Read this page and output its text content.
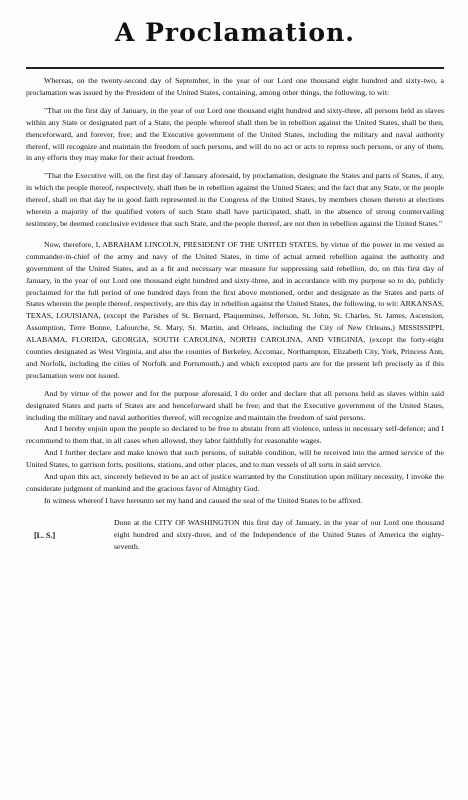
A Proclamation.

Whereas, on the twenty-second day of September, in the year of our Lord one thousand eight hundred and sixty-two, a proclamation was issued by the President of the United States, containing, among other things, the following, to wit:

"That on the first day of January, in the year of our Lord one thousand eight hundred and sixty-three, all persons held as slaves within any State or designated part of a State, the people whereof shall then be in rebellion against the United States, shall be then, thenceforward, and forever, free; and the Executive government of the United States, including the military and naval authority thereof, will recognize and maintain the freedom of such persons, and will do no act or acts to repress such persons, or any of them, in any efforts they may make for their actual freedom.

"That the Executive will, on the first day of January aforesaid, by proclamation, designate the States and parts of States, if any, in which the people thereof, respectively, shall then be in rebellion against the United States; and the fact that any State, or the people thereof, shall on that day be in good faith represented in the Congress of the United States, by members chosen thereto at elections wherein a majority of the qualified voters of such State shall have participated, shall, in the absence of strong countervailing testimony, be deemed conclusive evidence that such State, and the people thereof, are not then in rebellion against the United States."

Now, therefore, I, ABRAHAM LINCOLN, PRESIDENT OF THE UNITED STATES, by virtue of the power in me vested as commander-in-chief of the army and navy of the United States, in time of actual armed rebellion against the authority and government of the United States, and as a fit and necessary war measure for suppressing said rebellion, do, on this first day of January, in the year of our Lord one thousand eight hundred and sixty-three, and in accordance with my purpose so to do, publicly proclaimed for the full period of one hundred days from the first above mentioned, order and designate as the States and parts of States wherein the people thereof, respectively, are this day in rebellion against the United States, the following, to wit: ARKANSAS, TEXAS, LOUISIANA, (except the Parishes of St. Bernard, Plaquemines, Jefferson, St. John, St. Charles, St. James, Ascension, Assumption, Terre Bonne, Lafourche, St. Mary, St. Martin, and Orleans, including the City of New Orleans,) MISSISSIPPI, ALABAMA, FLORIDA, GEORGIA, SOUTH CAROLINA, NORTH CAROLINA, AND VIRGINIA, (except the forty-eight counties designated as West Virginia, and also the counties of Berkeley, Accomac, Northampton, Elizabeth City, York, Princess Ann, and Norfolk, including the cities of Norfolk and Portsmouth,) and which excepted parts are for the present left precisely as if this proclamation were not issued.

And by virtue of the power and for the purpose aforesaid, I do order and declare that all persons held as slaves within said designated States and parts of States are and henceforward shall be free; and that the Executive government of the United States, including the military and naval authorities thereof, will recognize and maintain the freedom of said persons.

And I hereby enjoin upon the people so declared to be free to abstain from all violence, unless in necessary self-defence; and I recommend to them that, in all cases when allowed, they labor faithfully for reasonable wages.

And I further declare and make known that such persons, of suitable condition, will be received into the armed service of the United States, to garrison forts, positions, stations, and other places, and to man vessels of all sorts in said service.

And upon this act, sincerely believed to be an act of justice warranted by the Constitution upon military necessity, I invoke the considerate judgment of mankind and the gracious favor of Almighty God.

In witness whereof I have hereunto set my hand and caused the seal of the United States to be affixed.

[L. S.]
Done at the CITY OF WASHINGTON this first day of January, in the year of our Lord one thousand eight hundred and sixty-three, and of the Independence of the United States of America the eighty-seventh.
